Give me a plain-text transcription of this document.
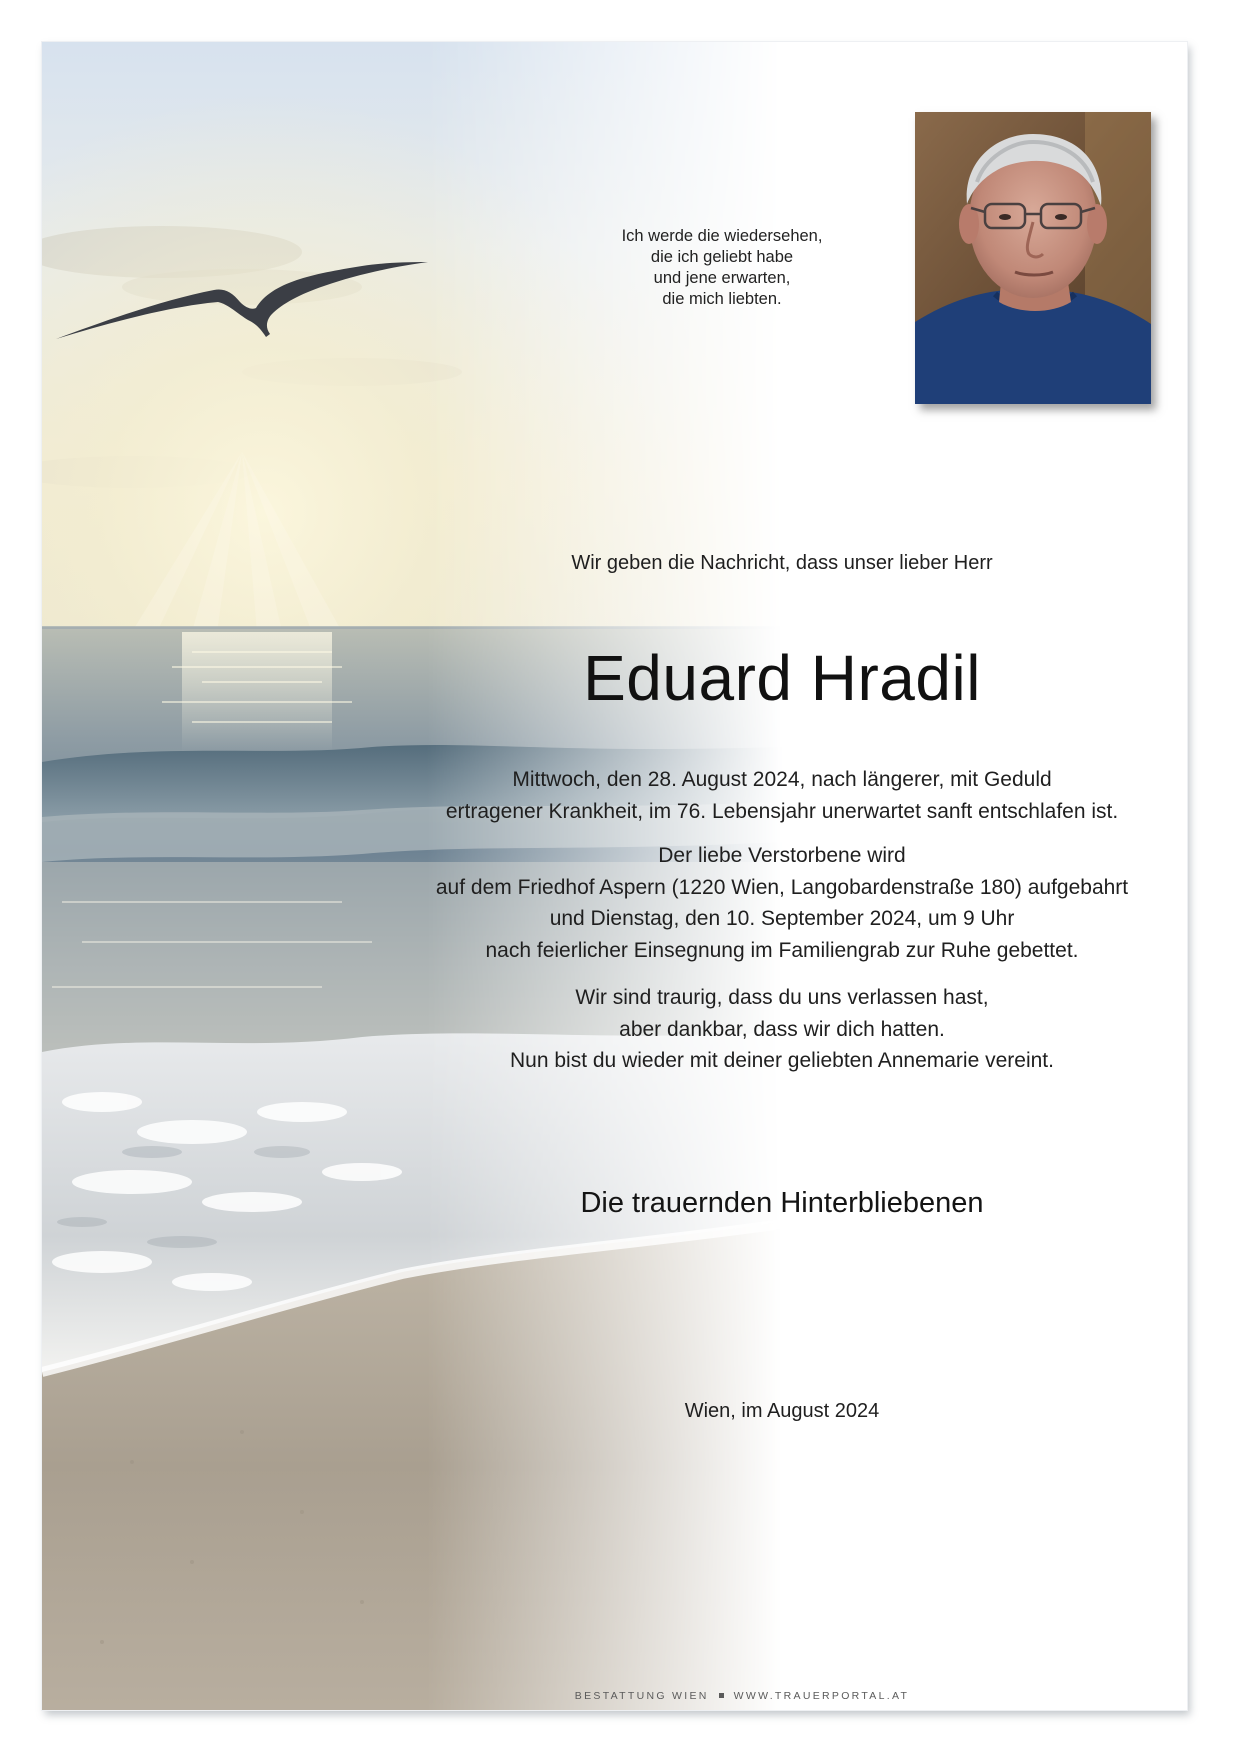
Ich werde die wiedersehen,
die ich geliebt habe
und jene erwarten,
die mich liebten.

Wir geben die Nachricht, dass unser lieber Herr

Eduard Hradil
Mittwoch, den 28. August 2024, nach längerer, mit Geduld
ertragener Krankheit, im 76. Lebensjahr unerwartet sanft entschlafen ist.
Der liebe Verstorbene wird
auf dem Friedhof Aspern (1220 Wien, Langobardenstraße 180) aufgebahrt
und Dienstag, den 10. September 2024, um 9 Uhr
nach feierlicher Einsegnung im Familiengrab zur Ruhe gebettet.
Wir sind traurig, dass du uns verlassen hast,
aber dankbar, dass wir dich hatten.
Nun bist du wieder mit deiner geliebten Annemarie vereint.

Die trauernden Hinterbliebenen

Wien, im August 2024

BESTATTUNG WIEN WWW.TRAUERPORTAL.AT
